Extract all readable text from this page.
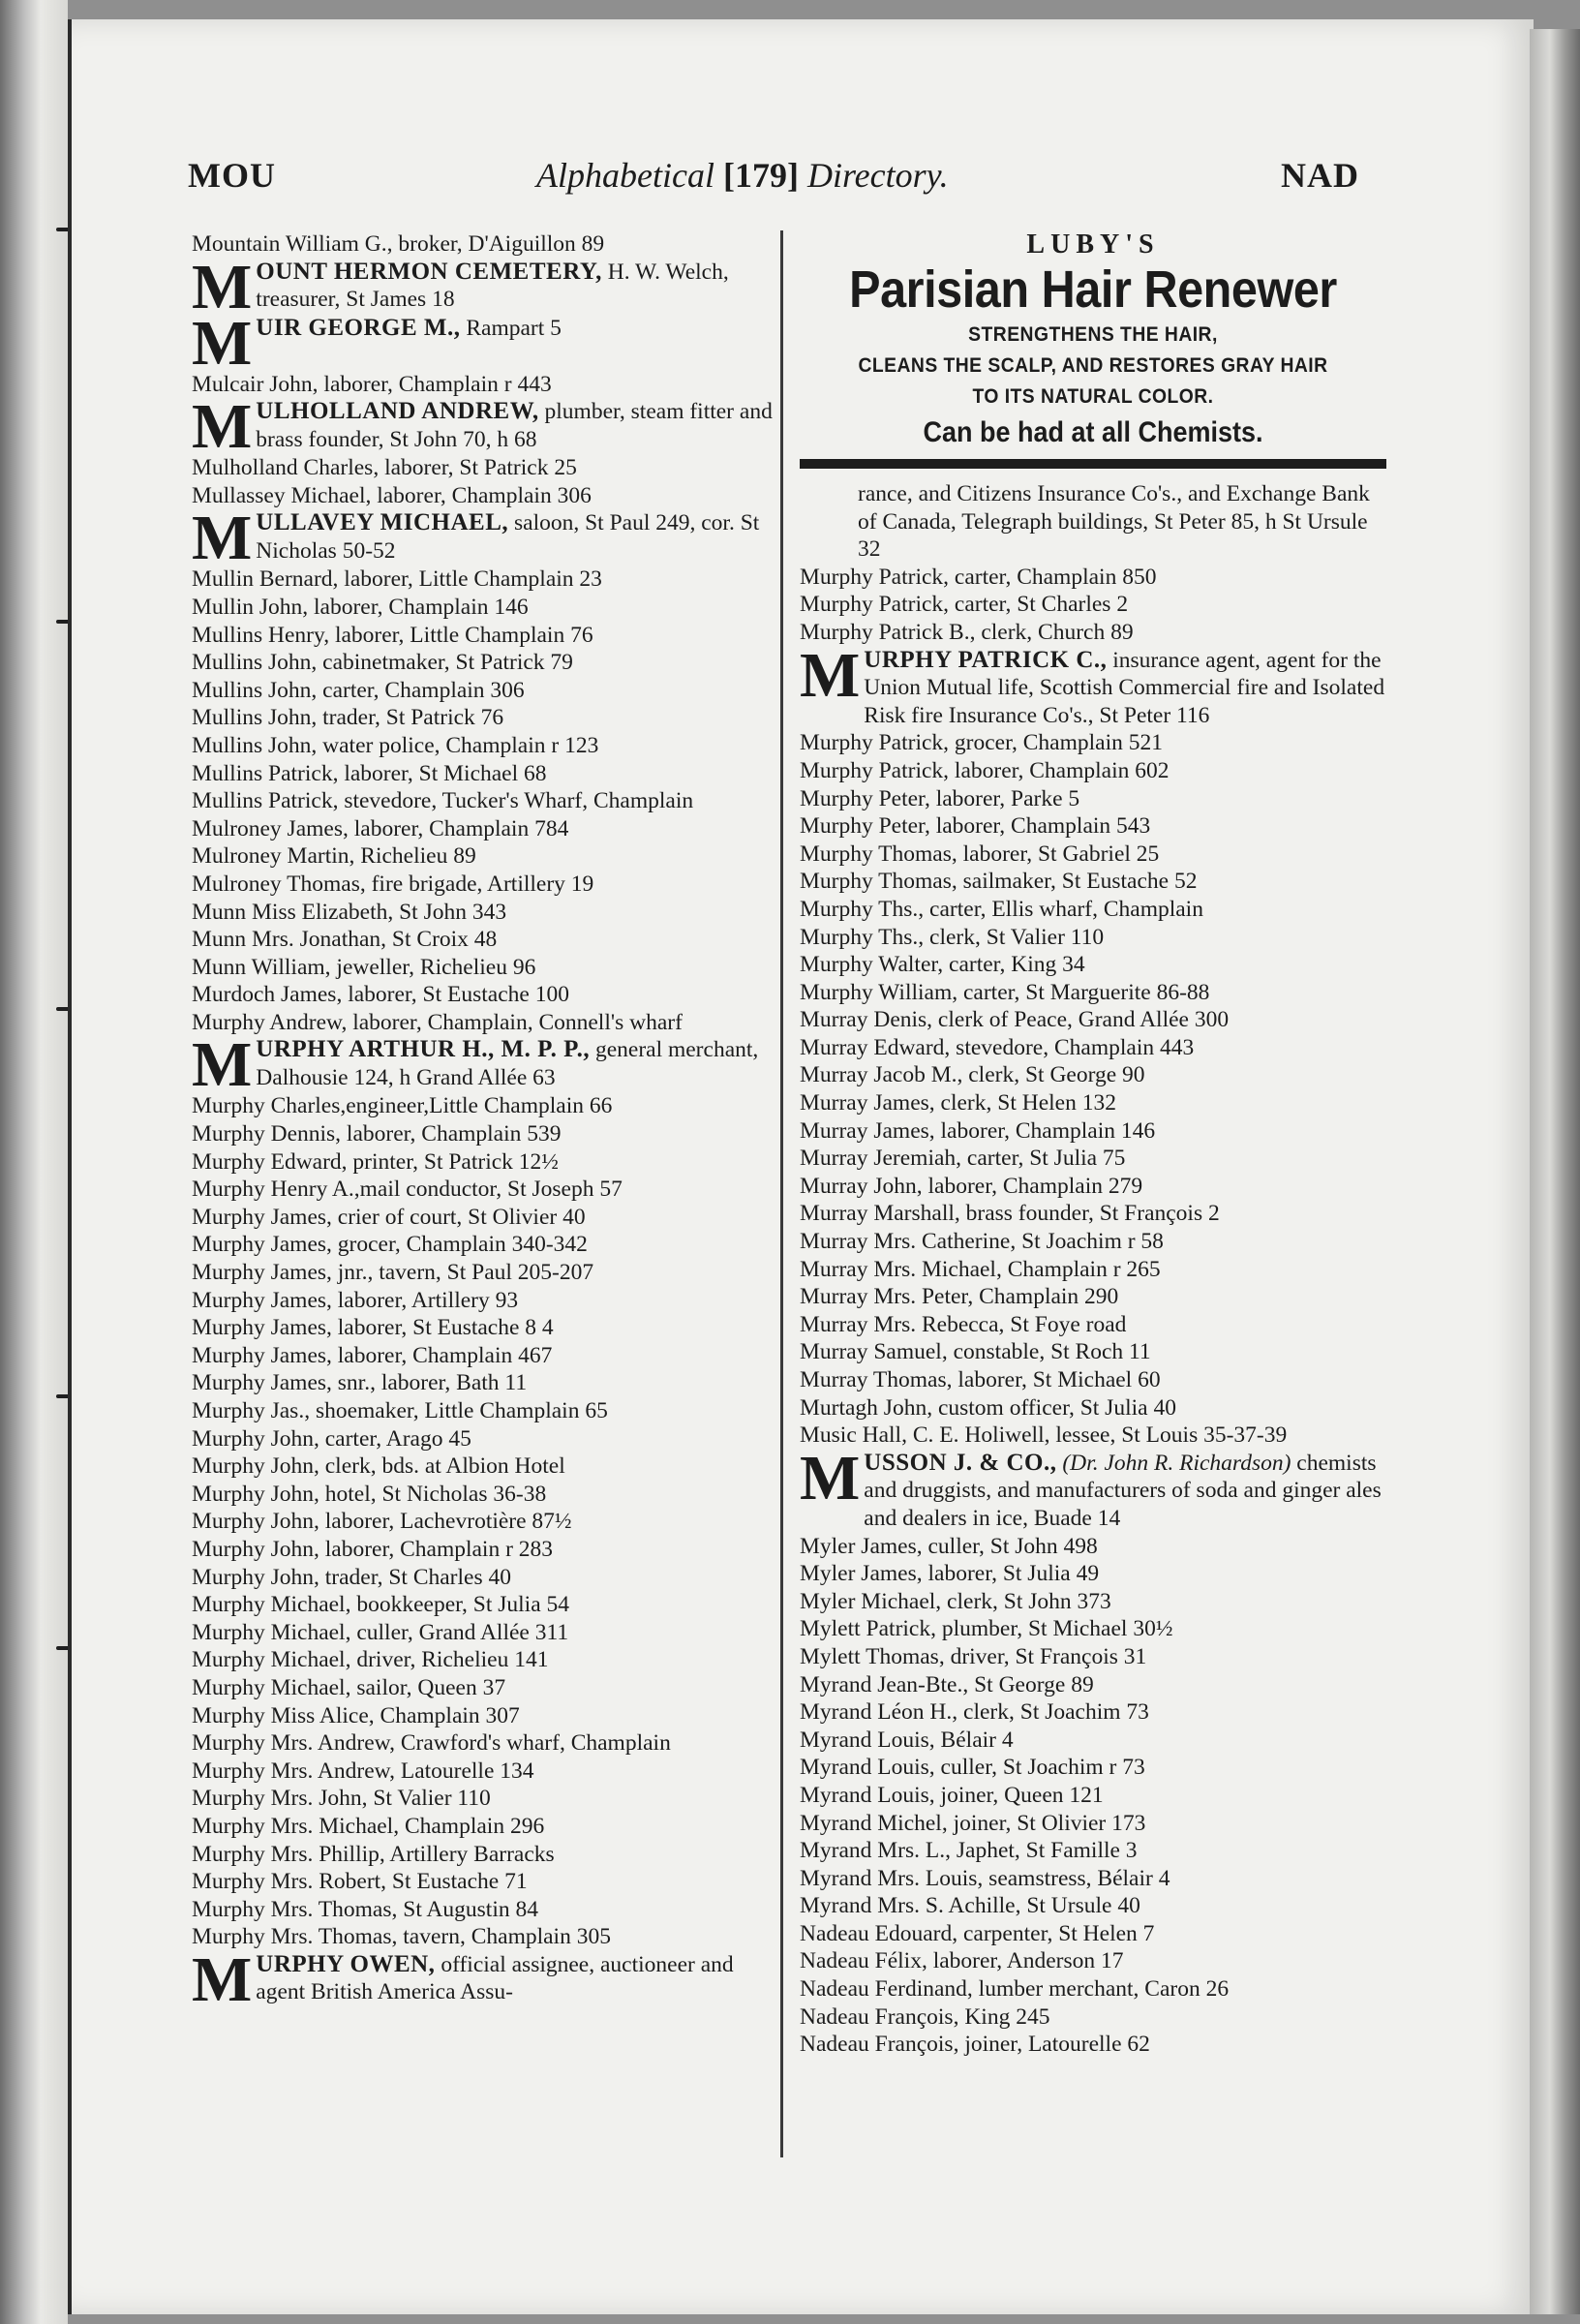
MOU	Alphabetical [179] Directory.	NAD
Mountain William G., broker, D'Aiguillon 89
MOUNT HERMON CEMETERY, H. W. Welch, treasurer, St James 18
MUIR GEORGE M., Rampart 5
Mulcair John, laborer, Champlain r 443
MULHOLLAND ANDREW, plumber, steam fitter and brass founder, St John 70, h 68
Mulholland Charles, laborer, St Patrick 25
Mullassey Michael, laborer, Champlain 306
MULLAVEY MICHAEL, saloon, St Paul 249, cor. St Nicholas 50-52
Mullin Bernard, laborer, Little Champlain 23
Mullin John, laborer, Champlain 146
Mullins Henry, laborer, Little Champlain 76
Mullins John, cabinetmaker, St Patrick 79
Mullins John, carter, Champlain 306
Mullins John, trader, St Patrick 76
Mullins John, water police, Champlain r 123
Mullins Patrick, laborer, St Michael 68
Mullins Patrick, stevedore, Tucker's Wharf, Champlain
Mulroney James, laborer, Champlain 784
Mulroney Martin, Richelieu 89
Mulroney Thomas, fire brigade, Artillery 19
Munn Miss Elizabeth, St John 343
Munn Mrs. Jonathan, St Croix 48
Munn William, jeweller, Richelieu 96
Murdoch James, laborer, St Eustache 100
Murphy Andrew, laborer, Champlain, Connell's wharf
MURPHY ARTHUR H., M. P. P., general merchant, Dalhousie 124, h Grand Allée 63
Murphy Charles,engineer,Little Champlain 66
Murphy Dennis, laborer, Champlain 539
Murphy Edward, printer, St Patrick 12½
Murphy Henry A.,mail conductor, St Joseph 57
Murphy James, crier of court, St Olivier 40
Murphy James, grocer, Champlain 340-342
Murphy James, jnr., tavern, St Paul 205-207
Murphy James, laborer, Artillery 93
Murphy James, laborer, St Eustache 8 4
Murphy James, laborer, Champlain 467
Murphy James, snr., laborer, Bath 11
Murphy Jas., shoemaker, Little Champlain 65
Murphy John, carter, Arago 45
Murphy John, clerk, bds. at Albion Hotel
Murphy John, hotel, St Nicholas 36-38
Murphy John, laborer, Lachevrotière 87½
Murphy John, laborer, Champlain r 283
Murphy John, trader, St Charles 40
Murphy Michael, bookkeeper, St Julia 54
Murphy Michael, culler, Grand Allée 311
Murphy Michael, driver, Richelieu 141
Murphy Michael, sailor, Queen 37
Murphy Miss Alice, Champlain 307
Murphy Mrs. Andrew, Crawford's wharf, Champlain
Murphy Mrs. Andrew, Latourelle 134
Murphy Mrs. John, St Valier 110
Murphy Mrs. Michael, Champlain 296
Murphy Mrs. Phillip, Artillery Barracks
Murphy Mrs. Robert, St Eustache 71
Murphy Mrs. Thomas, St Augustin 84
Murphy Mrs. Thomas, tavern, Champlain 305
MURPHY OWEN, official assignee, auctioneer and agent British America Assu-
LUBY'S
Parisian Hair Renewer
STRENGTHENS THE HAIR,
CLEANS THE SCALP, AND RESTORES GRAY HAIR
TO ITS NATURAL COLOR.
Can be had at all Chemists.
rance, and Citizens Insurance Co's., and Exchange Bank of Canada, Telegraph buildings, St Peter 85, h St Ursule 32
Murphy Patrick, carter, Champlain 850
Murphy Patrick, carter, St Charles 2
Murphy Patrick B., clerk, Church 89
MURPHY PATRICK C., insurance agent, agent for the Union Mutual life, Scottish Commercial fire and Isolated Risk fire Insurance Co's., St Peter 116
Murphy Patrick, grocer, Champlain 521
Murphy Patrick, laborer, Champlain 602
Murphy Peter, laborer, Parke 5
Murphy Peter, laborer, Champlain 543
Murphy Thomas, laborer, St Gabriel 25
Murphy Thomas, sailmaker, St Eustache 52
Murphy Ths., carter, Ellis wharf, Champlain
Murphy Ths., clerk, St Valier 110
Murphy Walter, carter, King 34
Murphy William, carter, St Marguerite 86-88
Murray Denis, clerk of Peace, Grand Allée 300
Murray Edward, stevedore, Champlain 443
Murray Jacob M., clerk, St George 90
Murray James, clerk, St Helen 132
Murray James, laborer, Champlain 146
Murray Jeremiah, carter, St Julia 75
Murray John, laborer, Champlain 279
Murray Marshall, brass founder, St François 2
Murray Mrs. Catherine, St Joachim r 58
Murray Mrs. Michael, Champlain r 265
Murray Mrs. Peter, Champlain 290
Murray Mrs. Rebecca, St Foye road
Murray Samuel, constable, St Roch 11
Murray Thomas, laborer, St Michael 60
Murtagh John, custom officer, St Julia 40
Music Hall, C. E. Holiwell, lessee, St Louis 35-37-39
MUSSON J. & CO., (Dr. John R. Richardson) chemists and druggists, and manufacturers of soda and ginger ales and dealers in ice, Buade 14
Myler James, culler, St John 498
Myler James, laborer, St Julia 49
Myler Michael, clerk, St John 373
Mylett Patrick, plumber, St Michael 30½
Mylett Thomas, driver, St François 31
Myrand Jean-Bte., St George 89
Myrand Léon H., clerk, St Joachim 73
Myrand Louis, Bélair 4
Myrand Louis, culler, St Joachim r 73
Myrand Louis, joiner, Queen 121
Myrand Michel, joiner, St Olivier 173
Myrand Mrs. L., Japhet, St Famille 3
Myrand Mrs. Louis, seamstress, Bélair 4
Myrand Mrs. S. Achille, St Ursule 40
Nadeau Edouard, carpenter, St Helen 7
Nadeau Félix, laborer, Anderson 17
Nadeau Ferdinand, lumber merchant, Caron 26
Nadeau François, King 245
Nadeau François, joiner, Latourelle 62
